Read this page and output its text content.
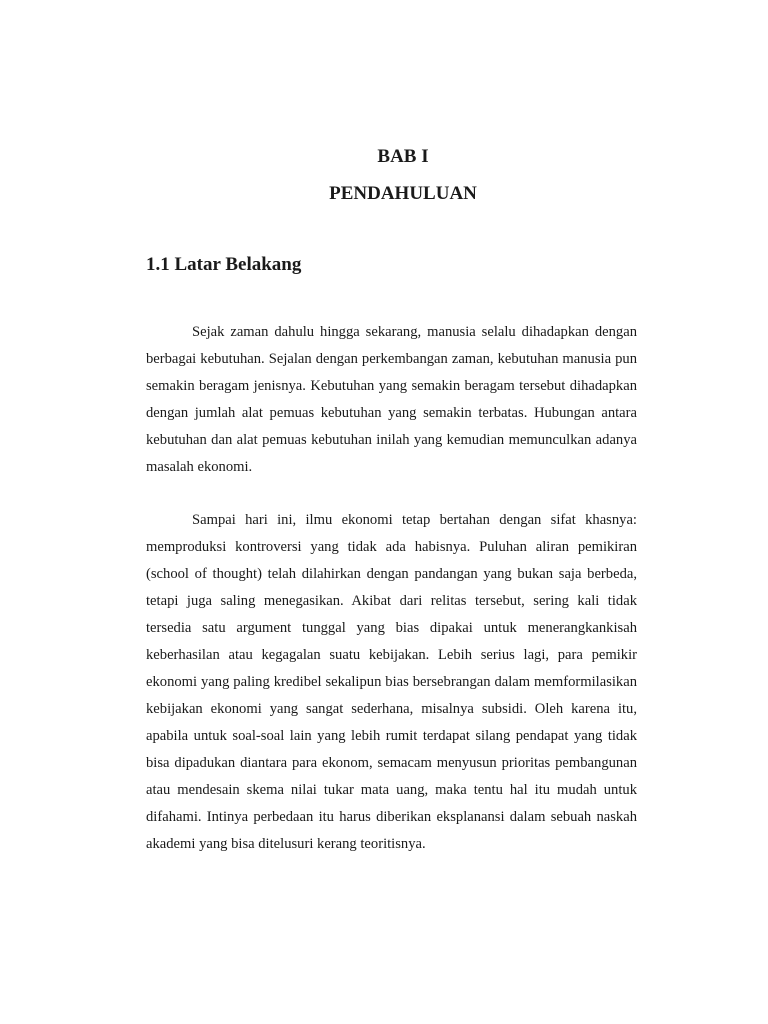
BAB I
PENDAHULUAN
1.1 Latar Belakang

Sejak zaman dahulu hingga sekarang, manusia selalu dihadapkan dengan berbagai kebutuhan. Sejalan dengan perkembangan zaman, kebutuhan manusia pun semakin beragam jenisnya. Kebutuhan yang semakin beragam tersebut dihadapkan dengan jumlah alat pemuas kebutuhan yang semakin terbatas. Hubungan antara kebutuhan dan alat pemuas kebutuhan inilah yang kemudian memunculkan adanya masalah ekonomi.

Sampai hari ini, ilmu ekonomi tetap bertahan dengan sifat khasnya: memproduksi kontroversi yang tidak ada habisnya. Puluhan aliran pemikiran (school of thought) telah dilahirkan dengan pandangan yang bukan saja berbeda, tetapi juga saling menegasikan. Akibat dari relitas tersebut, sering kali tidak tersedia satu argument tunggal yang bias dipakai untuk menerangkankisah keberhasilan atau kegagalan suatu kebijakan. Lebih serius lagi, para pemikir ekonomi yang paling kredibel sekalipun bias bersebrangan dalam memformilasikan kebijakan ekonomi yang sangat sederhana, misalnya subsidi. Oleh karena itu, apabila untuk soal-soal lain yang lebih rumit terdapat silang pendapat yang tidak bisa dipadukan diantara para ekonom, semacam menyusun prioritas pembangunan atau mendesain skema nilai tukar mata uang, maka tentu hal itu mudah untuk difahami. Intinya perbedaan itu harus diberikan eksplanansi dalam sebuah naskah akademi yang bisa ditelusuri kerang teoritisnya.
